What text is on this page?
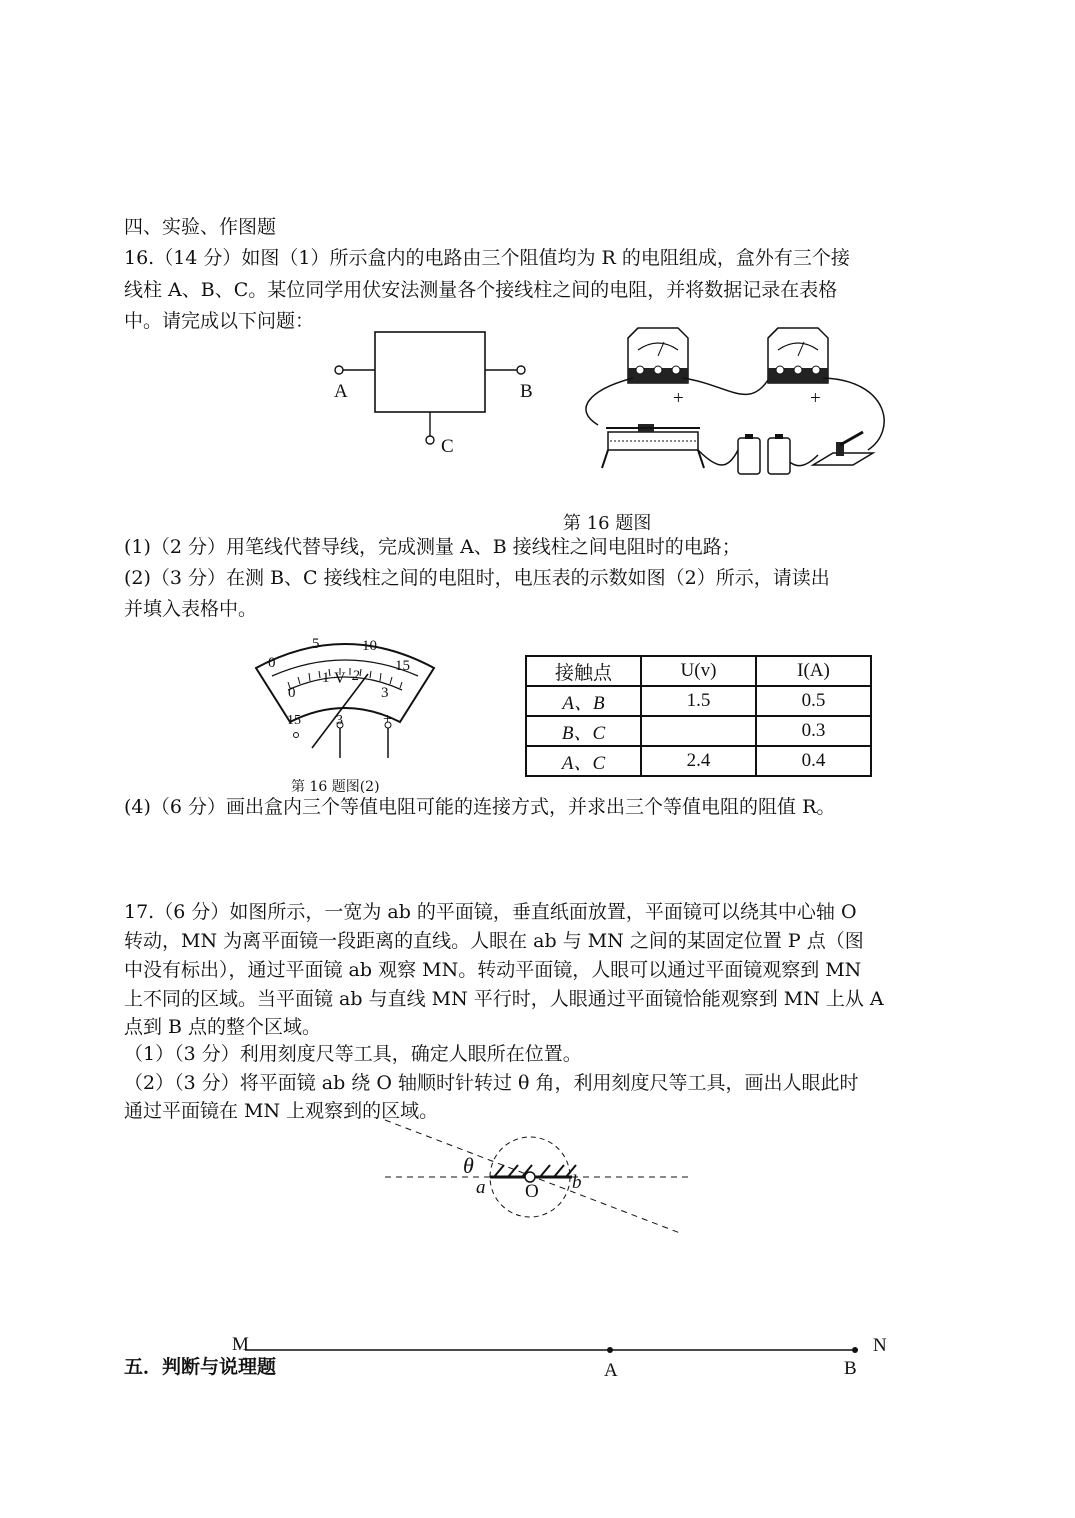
四、实验、作图题
16.（14 分）如图（1）所示盒内的电路由三个阻值均为 R 的电阻组成，盒外有三个接
线柱 A、B、C。某位同学用伏安法测量各个接线柱之间的电阻，并将数据记录在表格
中。请完成以下问题：
A	B
C
+	+
第 16 题图
(1)（2 分）用笔线代替导线，完成测量 A、B 接线柱之间电阻时的电路；
(2)（3 分）在测 B、C 接线柱之间的电阻时，电压表的示数如图（2）所示，请读出
并填入表格中。
0
5	10
15
0
1 2
3
V
15	3	+
第 16 题图(2)
接触点	U(v)	I(A)
A、B	1.5	0.5
B、C		0.3
A、C	2.4	0.4
(4)（6 分）画出盒内三个等值电阻可能的连接方式，并求出三个等值电阻的阻值 R。
17.（6 分）如图所示，一宽为 ab 的平面镜，垂直纸面放置，平面镜可以绕其中心轴 O
转动，MN 为离平面镜一段距离的直线。人眼在 ab 与 MN 之间的某固定位置 P 点（图
中没有标出），通过平面镜 ab 观察 MN。转动平面镜，人眼可以通过平面镜观察到 MN
上不同的区域。当平面镜 ab 与直线 MN 平行时，人眼通过平面镜恰能观察到 MN 上从 A
点到 B 点的整个区域。
（1）（3 分）利用刻度尺等工具，确定人眼所在位置。
（2）（3 分）将平面镜 ab 绕 O 轴顺时针转过 θ 角，利用刻度尺等工具，画出人眼此时
通过平面镜在 MN 上观察到的区域。
θ
a O b
五．判断与说理题
M	N
A	B
